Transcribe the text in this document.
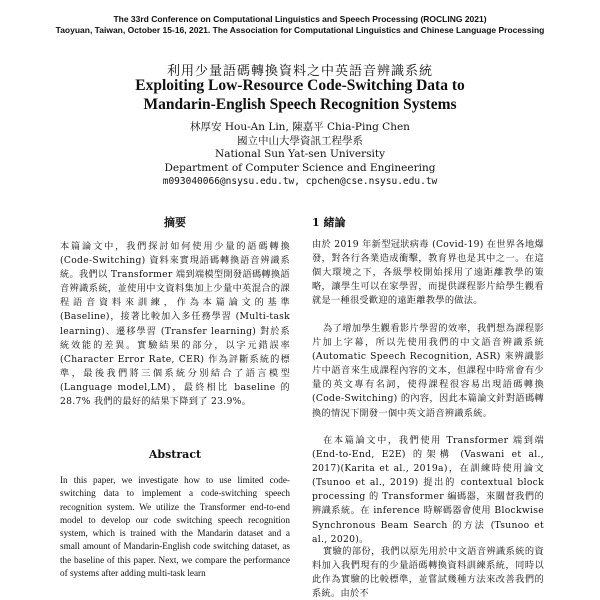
The 33rd Conference on Computational Linguistics and Speech Processing (ROCLING 2021)
Taoyuan, Taiwan, October 15-16, 2021. The Association for Computational Linguistics and Chinese Language Processing
利用少量語碼轉換資料之中英語音辨識系統
Exploiting Low-Resource Code-Switching Data to
Mandarin-English Speech Recognition Systems
林厚安 Hou-An Lin, 陳嘉平 Chia-Ping Chen
國立中山大學資訊工程學系
National Sun Yat-sen University
Department of Computer Science and Engineering
m093040066@nsysu.edu.tw, cpchen@cse.nsysu.edu.tw
摘要
本篇論文中，我們探討如何使用少量的語碼轉換 (Code-Switching) 資料來實現語碼轉換語音辨識系統。我們以 Transformer 端到端模型開發語碼轉換語音辨識系統，並使用中文資料集加上少量中英混合的課程語音資料來訓練，作為本篇論文的基準 (Baseline)，接著比較加入多任務學習 (Multi-task learning)、遷移學習 (Transfer learning) 對於系統效能的差異。實驗結果的部分，以字元錯誤率 (Character Error Rate, CER) 作為評斷系統的標準，最後我們將三個系統分別結合了語言模型 (Language model,LM)，最終相比 baseline 的 28.7% 我們的最好的結果下降到了 23.9%。
Abstract
In this paper, we investigate how to use limited code-switching data to implement a code-switching speech recognition system. We utilize the Transformer end-to-end model to develop our code switching speech recognition system, which is trained with the Mandarin dataset and a small amount of Mandarin-English code switching dataset, as the baseline of this paper. Next, we compare the performance of systems after adding multi-task learn
1 緒論
由於 2019 年新型冠狀病毒 (Covid-19) 在世界各地爆發，對各行各業造成衝擊，教育界也是其中之一。在這個大環境之下，各級學校開始採用了遠距離教學的策略，讓學生可以在家學習，而提供課程影片給學生觀看就是一種很受歡迎的遠距離教學的做法。
為了增加學生觀看影片學習的效率，我們想為課程影片加上字幕，所以先使用我們的中文語音辨識系統 (Automatic Speech Recognition, ASR) 來辨識影片中語音來生成課程內容的文本，但課程中時常會有少量的英文專有名詞，使得課程很容易出現語碼轉換 (Code-Switching) 的內容，因此本篇論文針對語碼轉換的情況下開發一個中英文語音辨識系統。
在本篇論文中，我們使用 Transformer 端到端 (End-to-End, E2E) 的架構 (Vaswani et al., 2017)(Karita et al., 2019a)，在訓練時使用論文 (Tsunoo et al., 2019) 提出的 contextual block processing 的 Transformer 編碼器，來關督我們的辨識系統。在 inference 時解碼器會使用 Blockwise Synchronous Beam Search 的方法 (Tsunoo et al., 2020)。
實驗的部份，我們以原先用於中文語音辨識系統的資料加入我們現有的少量語碼轉換資料訓練系統，同時以此作為實驗的比較標準，並嘗試幾種方法來改善我們的系統。由於不
